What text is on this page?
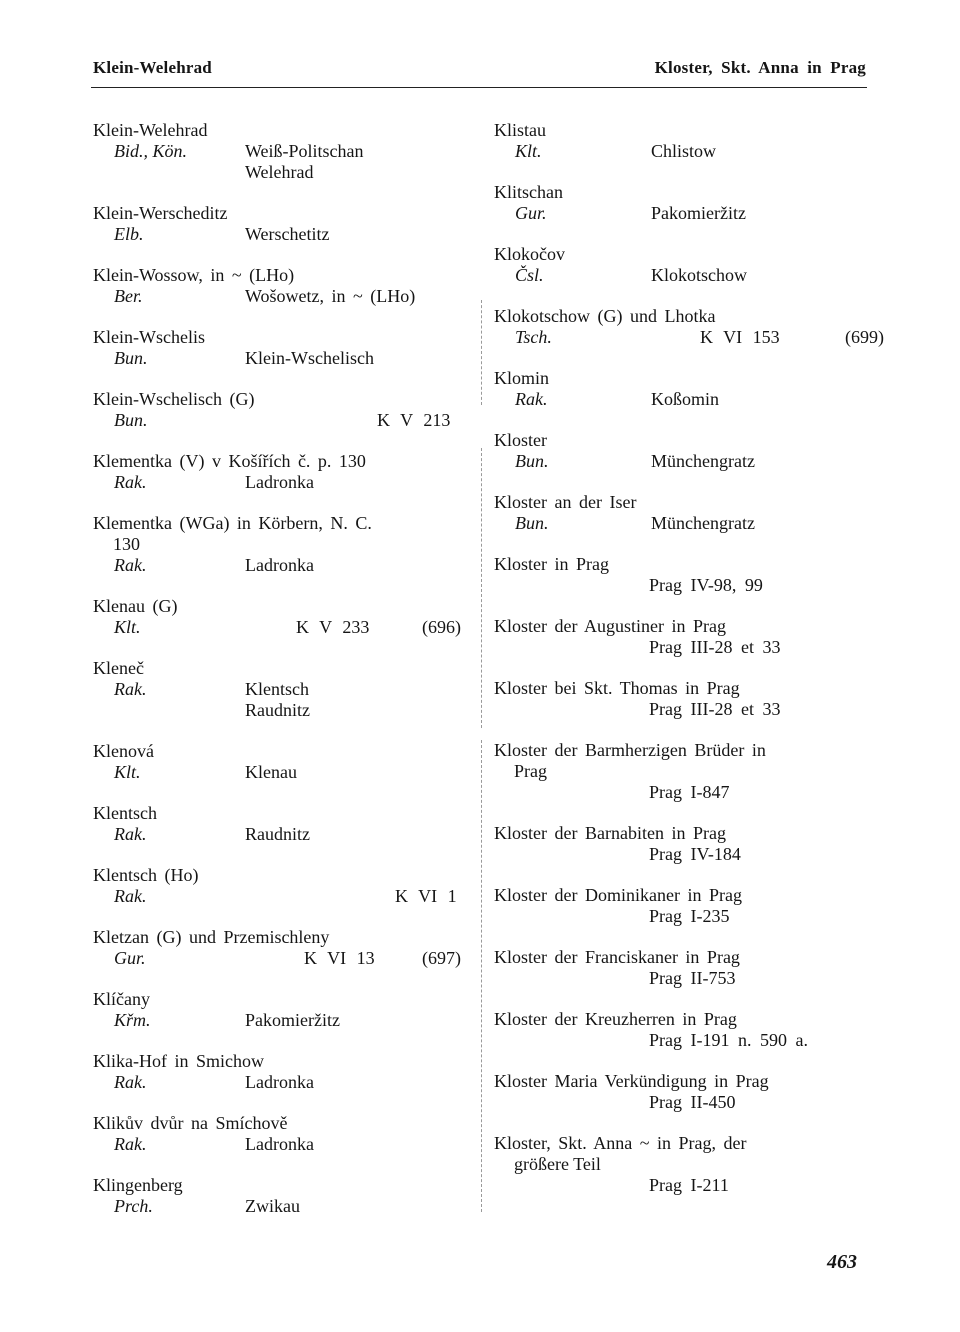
Klein-Welehrad	Kloster, Skt. Anna in Prag
Klein-Welehrad
Bid., Kön.	Weiß-Politschan
Welehrad
Klein-Werscheditz
Elb.	Werschetitz
Klein-Wossow, in ~ (LHo)
Ber.	Wošowetz, in ~ (LHo)
Klein-Wschelis
Bun.	Klein-Wschelisch
Klein-Wschelisch (G)
Bun.	K V 213
Klementka (V) v Košířích č. p. 130
Rak.	Ladronka
Klementka (WGa) in Körbern, N. C.
130
Rak.	Ladronka
Klenau (G)
Klt.	K V 233	(696)
Kleneč
Rak.	Klentsch
Raudnitz
Klenová
Klt.	Klenau
Klentsch
Rak.	Raudnitz
Klentsch (Ho)
Rak.	K VI 1
Kletzan (G) und Przemischleny
Gur.	K VI 13	(697)
Klíčany
Křm.	Pakomieržitz
Klika-Hof in Smichow
Rak.	Ladronka
Klikův dvůr na Smíchově
Rak.	Ladronka
Klingenberg
Prch.	Zwikau
Klistau
Klt.	Chlistow
Klitschan
Gur.	Pakomieržitz
Klokočov
Čsl.	Klokotschow
Klokotschow (G) und Lhotka
Tsch.	K VI 153	(699)
Klomin
Rak.	Koßomin
Kloster
Bun.	Münchengratz
Kloster an der Iser
Bun.	Münchengratz
Kloster in Prag
Prag IV-98, 99
Kloster der Augustiner in Prag
Prag III-28 et 33
Kloster bei Skt. Thomas in Prag
Prag III-28 et 33
Kloster der Barmherzigen Brüder in
Prag
Prag I-847
Kloster der Barnabiten in Prag
Prag IV-184
Kloster der Dominikaner in Prag
Prag I-235
Kloster der Franciskaner in Prag
Prag II-753
Kloster der Kreuzherren in Prag
Prag I-191 n. 590 a.
Kloster Maria Verkündigung in Prag
Prag II-450
Kloster, Skt. Anna ~ in Prag, der
größere Teil
Prag I-211
463
